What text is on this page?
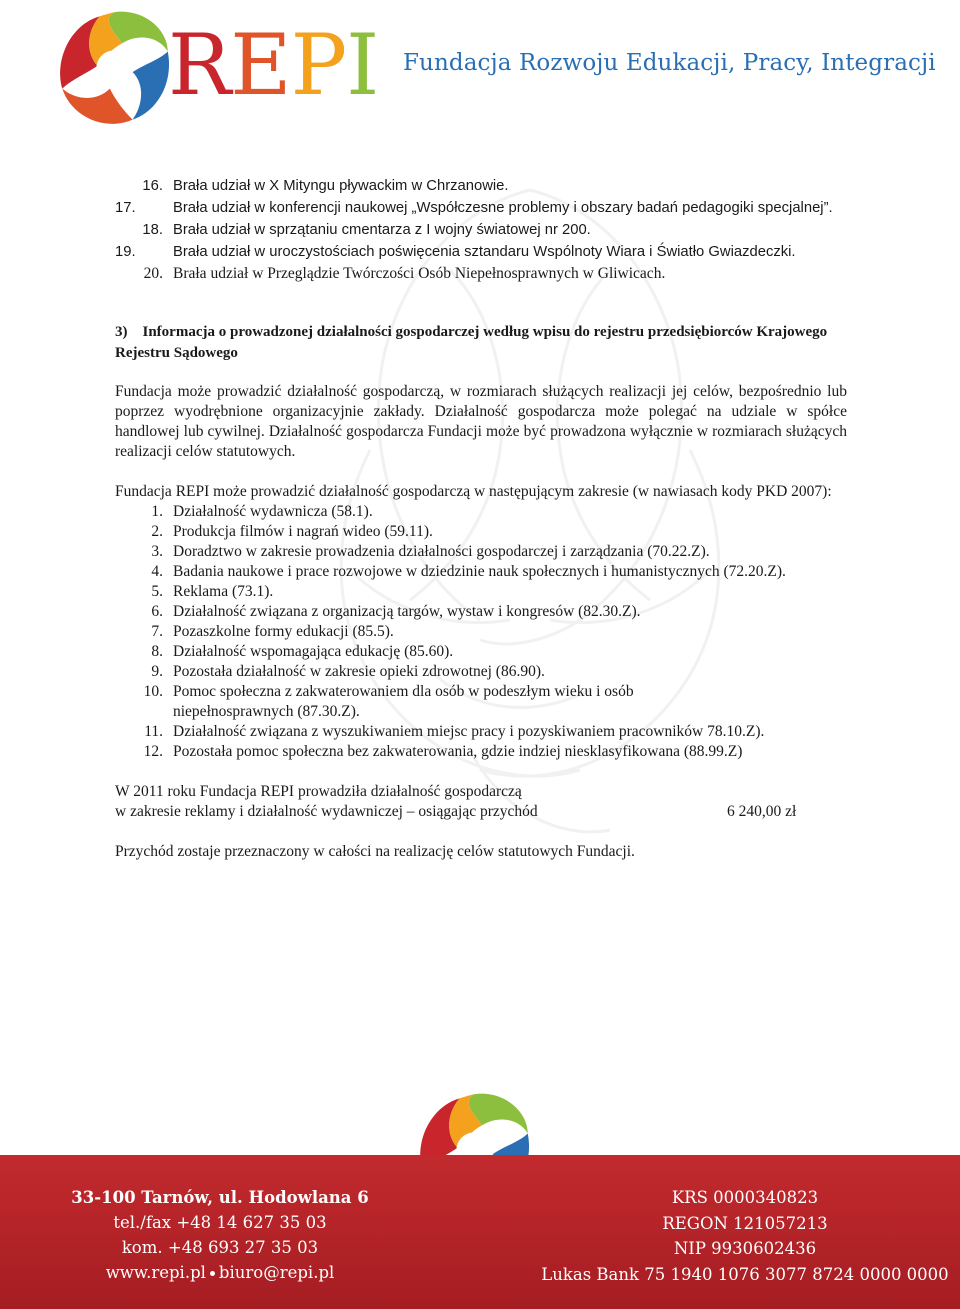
REPI Fundacja Rozwoju Edukacji, Pracy, Integracji
16. Brała udział w X Mityngu pływackim w Chrzanowie.
17.	Brała udział w konferencji naukowej „Współczesne problemy i obszary badań pedagogiki specjalnej”.
18. Brała udział w sprzątaniu cmentarza z I wojny światowej nr 200.
19.	Brała udział w uroczystościach poświęcenia sztandaru Wspólnoty Wiara i Światło Gwiazdeczki.
20. Brała udział w Przeglądzie Twórczości Osób Niepełnosprawnych w Gliwicach.
3) Informacja o prowadzonej działalności gospodarczej według wpisu do rejestru przedsiębiorców Krajowego Rejestru Sądowego
Fundacja może prowadzić działalność gospodarczą, w rozmiarach służących realizacji jej celów, bezpośrednio lub poprzez wyodrębnione organizacyjnie zakłady. Działalność gospodarcza może polegać na udziale w spółce handlowej lub cywilnej. Działalność gospodarcza Fundacji może być prowadzona wyłącznie w rozmiarach służących realizacji celów statutowych.
Fundacja REPI może prowadzić działalność gospodarczą w następującym zakresie (w nawiasach kody PKD 2007):
1. Działalność wydawnicza (58.1).
2. Produkcja filmów i nagrań wideo (59.11).
3. Doradztwo w zakresie prowadzenia działalności gospodarczej i zarządzania (70.22.Z).
4. Badania naukowe i prace rozwojowe w dziedzinie nauk społecznych i humanistycznych (72.20.Z).
5. Reklama (73.1).
6. Działalność związana z organizacją targów, wystaw i kongresów (82.30.Z).
7. Pozaszkolne formy edukacji (85.5).
8. Działalność wspomagająca edukację (85.60).
9. Pozostała działalność w zakresie opieki zdrowotnej (86.90).
10. Pomoc społeczna z zakwaterowaniem dla osób w podeszłym wieku i osób niepełnosprawnych (87.30.Z).
11. Działalność związana z wyszukiwaniem miejsc pracy i pozyskiwaniem pracowników 78.10.Z).
12. Pozostała pomoc społeczna bez zakwaterowania, gdzie indziej niesklasyfikowana (88.99.Z)
W 2011 roku Fundacja REPI prowadziła działalność gospodarczą
w zakresie reklamy i działalność wydawniczej – osiągając przychód	6 240,00 zł
Przychód zostaje przeznaczony w całości na realizację celów statutowych Fundacji.
33-100 Tarnów, ul. Hodowlana 6
tel./fax +48 14 627 35 03
kom. +48 693 27 35 03
www.repi.pl biuro@repi.pl
KRS 0000340823
REGON 121057213
NIP 9930602436
Lukas Bank 75 1940 1076 3077 8724 0000 0000
